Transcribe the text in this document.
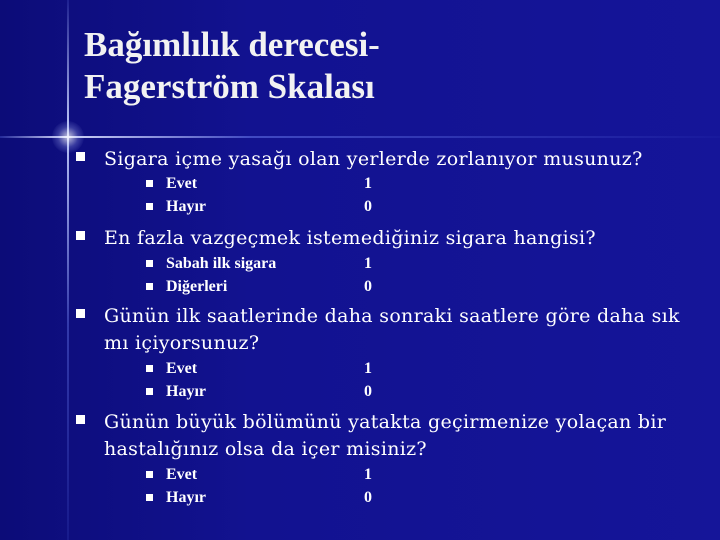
Bağımlılık derecesi-
Fagerström Skalası
Sigara içme yasağı olan yerlerde zorlanıyor musunuz?
Evet	1
Hayır	0
En fazla vazgeçmek istemediğiniz sigara hangisi?
Sabah ilk sigara	1
Diğerleri	0
Günün ilk saatlerinde daha sonraki saatlere göre daha sık mı içiyorsunuz?
Evet	1
Hayır	0
Günün büyük bölümünü yatakta geçirmenize yolaçan bir hastalığınız olsa da içer misiniz?
Evet	1
Hayır	0
